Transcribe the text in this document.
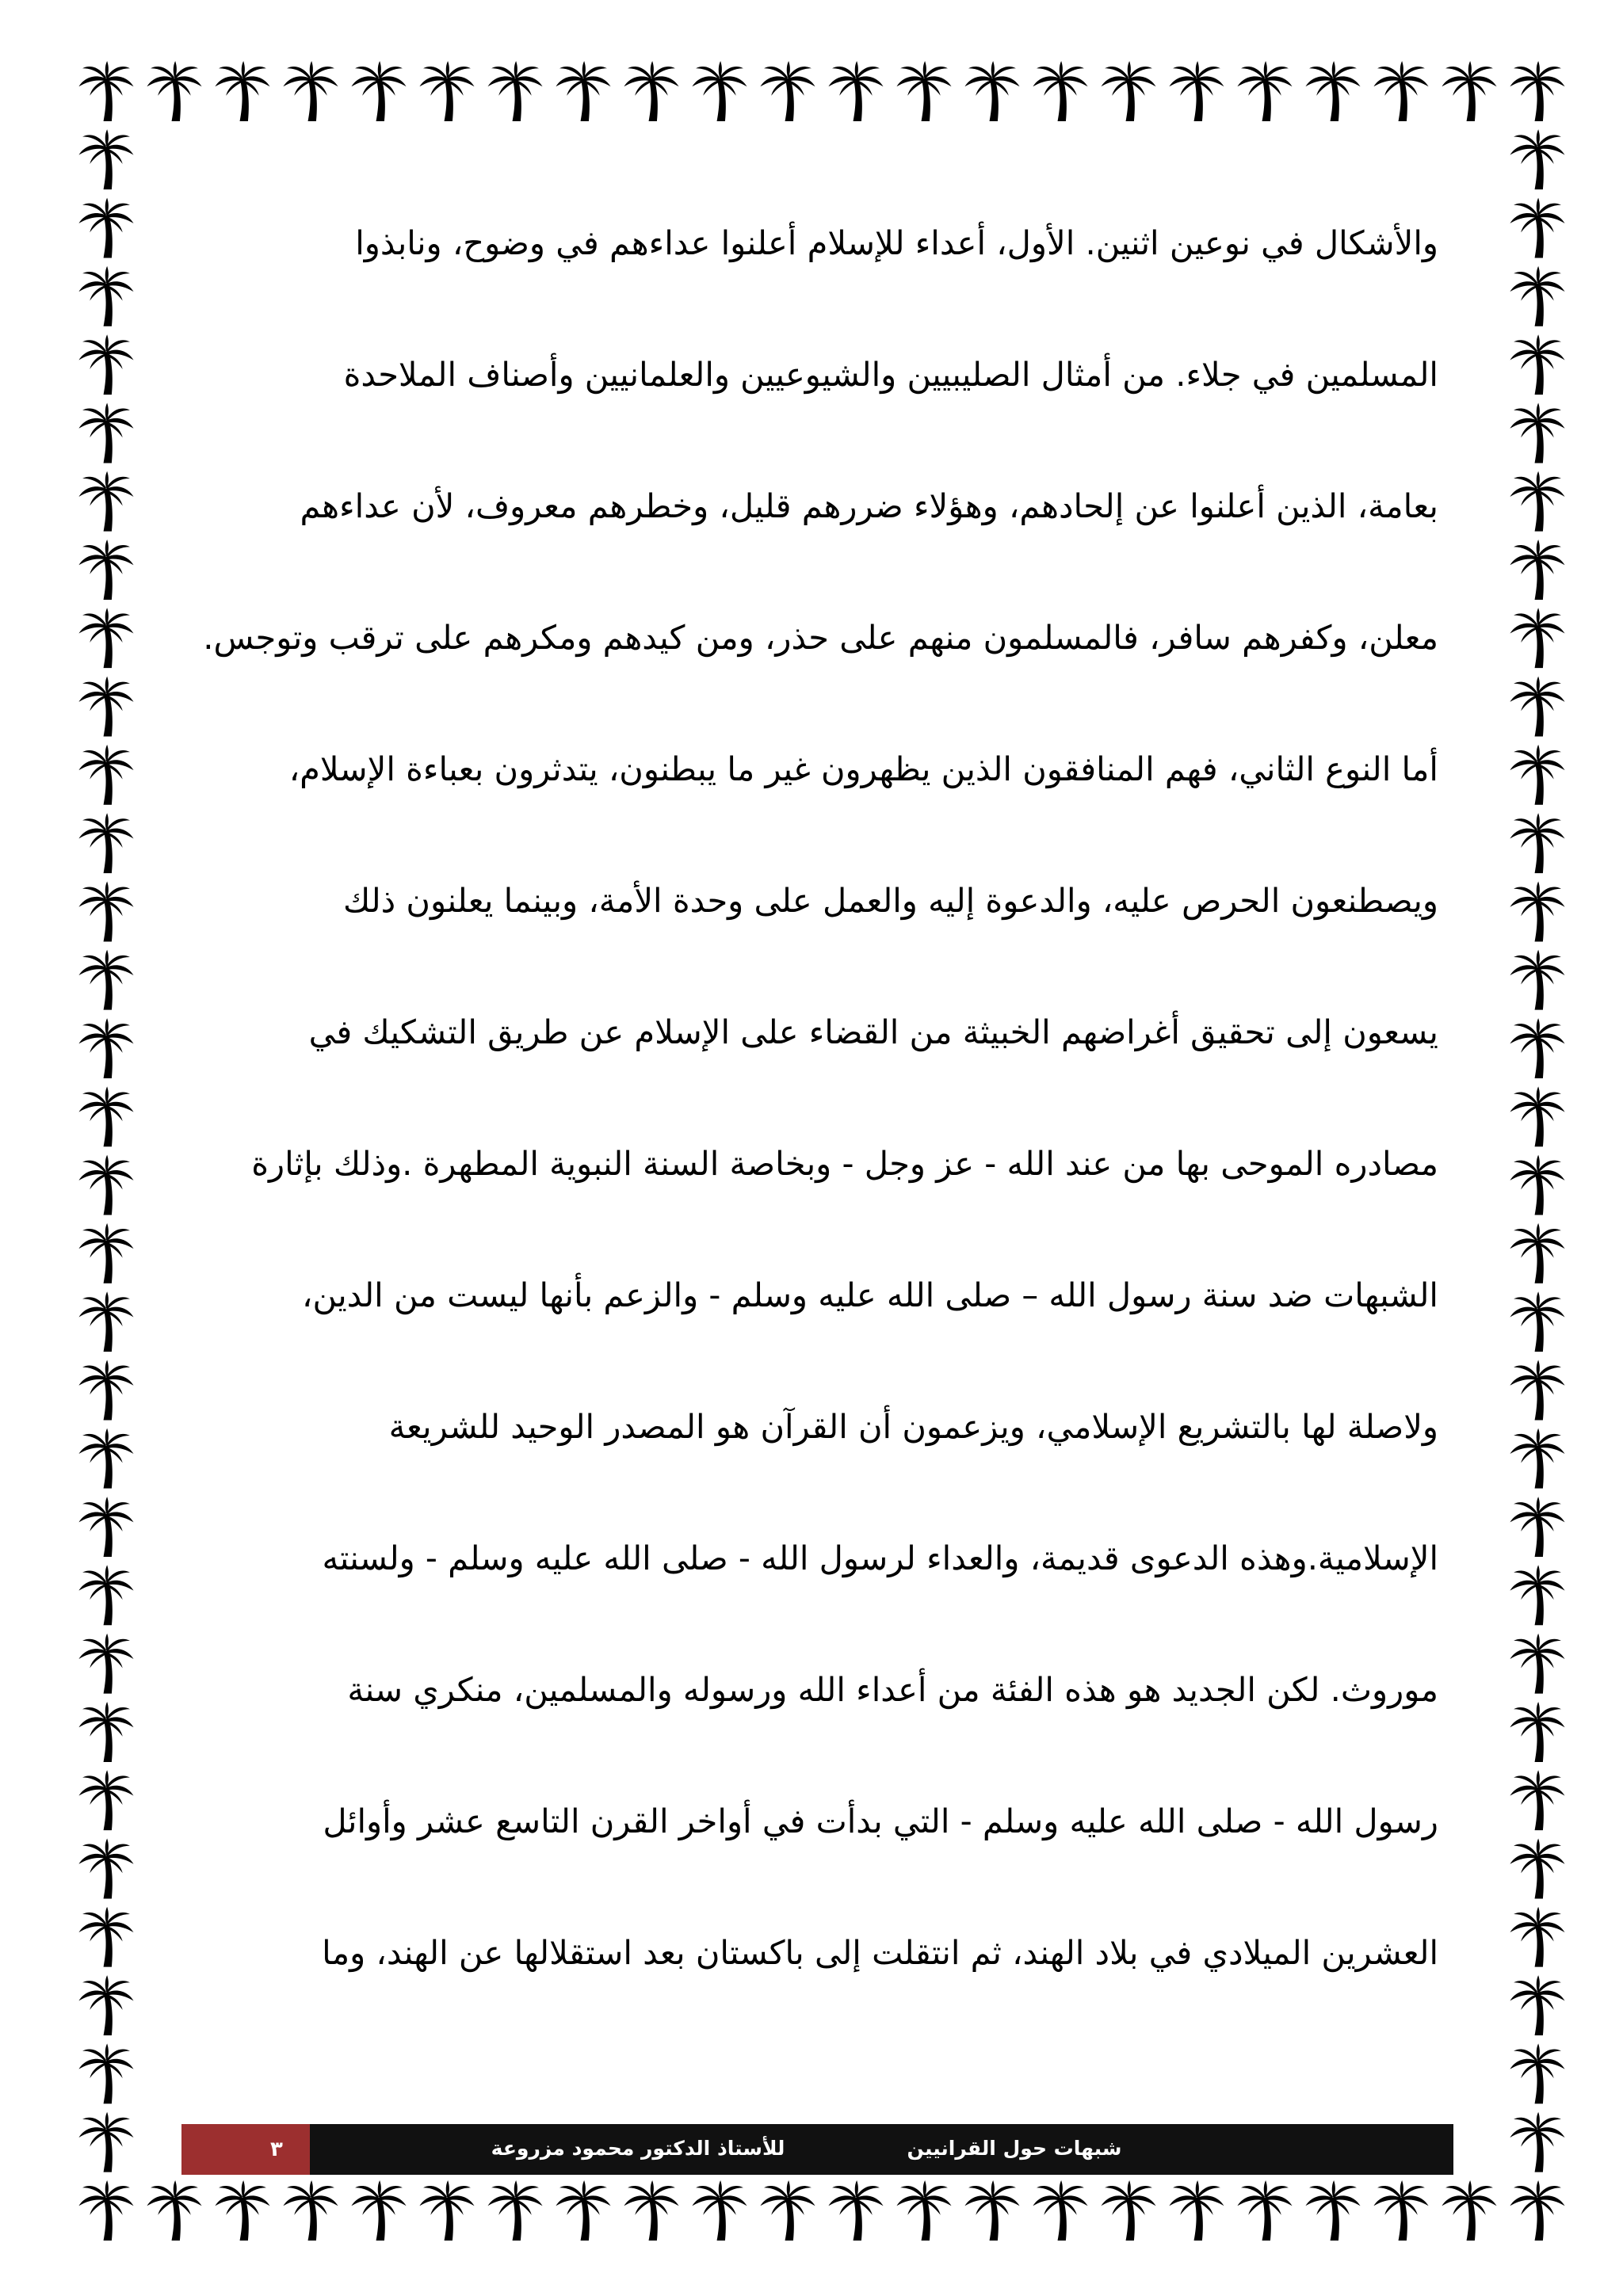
والأشكال في نوعين اثنين. الأول، أعداء للإسلام أعلنوا عداءهم في وضوح، ونابذوا
المسلمين في جلاء. من أمثال الصليبيين والشيوعيين والعلمانيين وأصناف الملاحدة
بعامة، الذين أعلنوا عن إلحادهم، وهؤلاء ضررهم قليل، وخطرهم معروف، لأن عداءهم
معلن، وكفرهم سافر، فالمسلمون منهم على حذر، ومن كيدهم ومكرهم على ترقب وتوجس.
أما النوع الثاني، فهم المنافقون الذين يظهرون غير ما يبطنون، يتدثرون بعباءة الإسلام،
ويصطنعون الحرص عليه، والدعوة إليه والعمل على وحدة الأمة، وبينما يعلنون ذلك
يسعون إلى تحقيق أغراضهم الخبيثة من القضاء على الإسلام عن طريق التشكيك في
مصادره الموحى بها من عند الله - عز وجل - وبخاصة السنة النبوية المطهرة .وذلك بإثارة
الشبهات ضد سنة رسول الله – صلى الله عليه وسلم - والزعم بأنها ليست من الدين،
ولاصلة لها بالتشريع الإسلامي، ويزعمون أن القرآن هو المصدر الوحيد للشريعة
الإسلامية.وهذه الدعوى قديمة، والعداء لرسول الله - صلى الله عليه وسلم - ولسنته
موروث. لكن الجديد هو هذه الفئة من أعداء الله ورسوله والمسلمين، منكري سنة
رسول الله - صلى الله عليه وسلم - التي بدأت في أواخر القرن التاسع عشر وأوائل
العشرين الميلادي في بلاد الهند، ثم انتقلت إلى باكستان بعد استقلالها عن الهند، وما
٣	للأستاذ الدكتور محمود مزروعة	شبهات حول القرانيين
